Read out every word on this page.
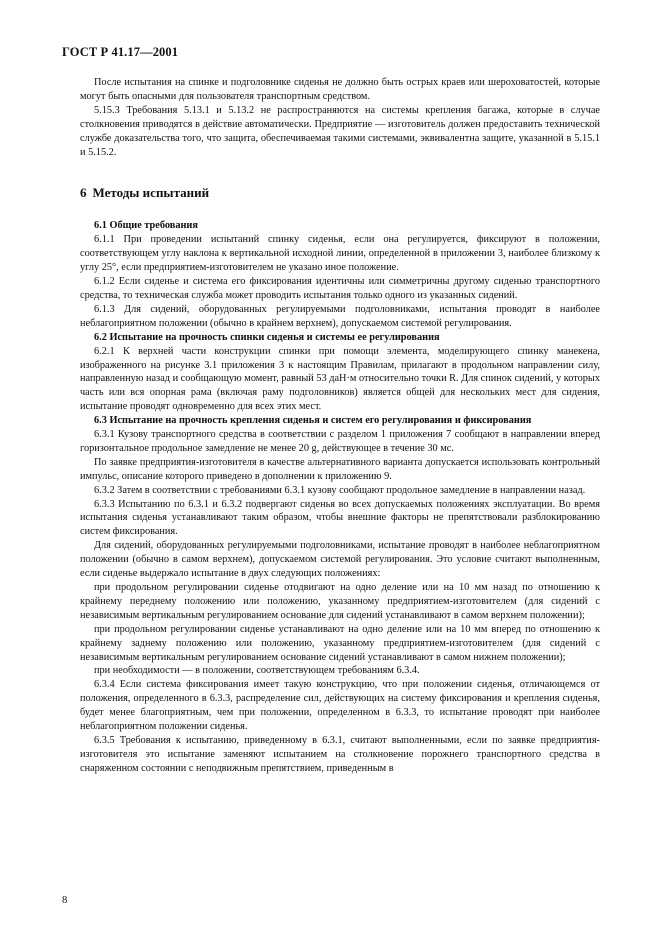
ГОСТ Р 41.17—2001

После испытания на спинке и подголовнике сиденья не должно быть острых краев или шероховатостей, которые могут быть опасными для пользователя транспортным средством.

5.15.3 Требования 5.13.1 и 5.13.2 не распространяются на системы крепления багажа, которые в случае столкновения приводятся в действие автоматически. Предприятие — изготовитель должен предоставить технической службе доказательства того, что защита, обеспечиваемая такими системами, эквивалентна защите, указанной в 5.15.1 и 5.15.2.

6 Методы испытаний

6.1 Общие требования

6.1.1 При проведении испытаний спинку сиденья, если она регулируется, фиксируют в положении, соответствующем углу наклона к вертикальной исходной линии, определенной в приложении 3, наиболее близкому к углу 25°, если предприятием-изготовителем не указано иное положение.

6.1.2 Если сиденье и система его фиксирования идентичны или симметричны другому сиденью транспортного средства, то техническая служба может проводить испытания только одного из указанных сидений.

6.1.3 Для сидений, оборудованных регулируемыми подголовниками, испытания проводят в наиболее неблагоприятном положении (обычно в крайнем верхнем), допускаемом системой регулирования.

6.2 Испытание на прочность спинки сиденья и системы ее регулирования

6.2.1 К верхней части конструкции спинки при помощи элемента, моделирующего спинку манекена, изображенного на рисунке 3.1 приложения 3 к настоящим Правилам, прилагают в продольном направлении силу, направленную назад и сообщающую момент, равный 53 даН·м относительно точки R. Для спинок сидений, у которых часть или вся опорная рама (включая раму подголовников) является общей для нескольких мест для сидения, испытание проводят одновременно для всех этих мест.

6.3 Испытание на прочность крепления сиденья и систем его регулирования и фиксирования

6.3.1 Кузову транспортного средства в соответствии с разделом 1 приложения 7 сообщают в направлении вперед горизонтальное продольное замедление не менее 20 g, действующее в течение 30 мс.

По заявке предприятия-изготовителя в качестве альтернативного варианта допускается использовать контрольный импульс, описание которого приведено в дополнении к приложению 9.

6.3.2 Затем в соответствии с требованиями 6.3.1 кузову сообщают продольное замедление в направлении назад.

6.3.3 Испытанию по 6.3.1 и 6.3.2 подвергают сиденья во всех допускаемых положениях эксплуатации. Во время испытания сиденья устанавливают таким образом, чтобы внешние факторы не препятствовали разблокированию систем фиксирования.

Для сидений, оборудованных регулируемыми подголовниками, испытание проводят в наиболее неблагоприятном положении (обычно в самом верхнем), допускаемом системой регулирования. Это условие считают выполненным, если сиденье выдержало испытание в двух следующих положениях:

при продольном регулировании сиденье отодвигают на одно деление или на 10 мм назад по отношению к крайнему переднему положению или положению, указанному предприятием-изготовителем (для сидений с независимым вертикальным регулированием основание для сидений устанавливают в самом верхнем положении);

при продольном регулировании сиденье устанавливают на одно деление или на 10 мм вперед по отношению к крайнему заднему положению или положению, указанному предприятием-изготовителем (для сидений с независимым вертикальным регулированием основание сидений устанавливают в самом нижнем положении);

при необходимости — в положении, соответствующем требованиям 6.3.4.

6.3.4 Если система фиксирования имеет такую конструкцию, что при положении сиденья, отличающемся от положения, определенного в 6.3.3, распределение сил, действующих на систему фиксирования и крепления сиденья, будет менее благоприятным, чем при положении, определенном в 6.3.3, то испытание проводят при наиболее неблагоприятном положении сиденья.

6.3.5 Требования к испытанию, приведенному в 6.3.1, считают выполненными, если по заявке предприятия-изготовителя это испытание заменяют испытанием на столкновение порожнего транспортного средства в снаряженном состоянии с неподвижным препятствием, приведенным в

8
